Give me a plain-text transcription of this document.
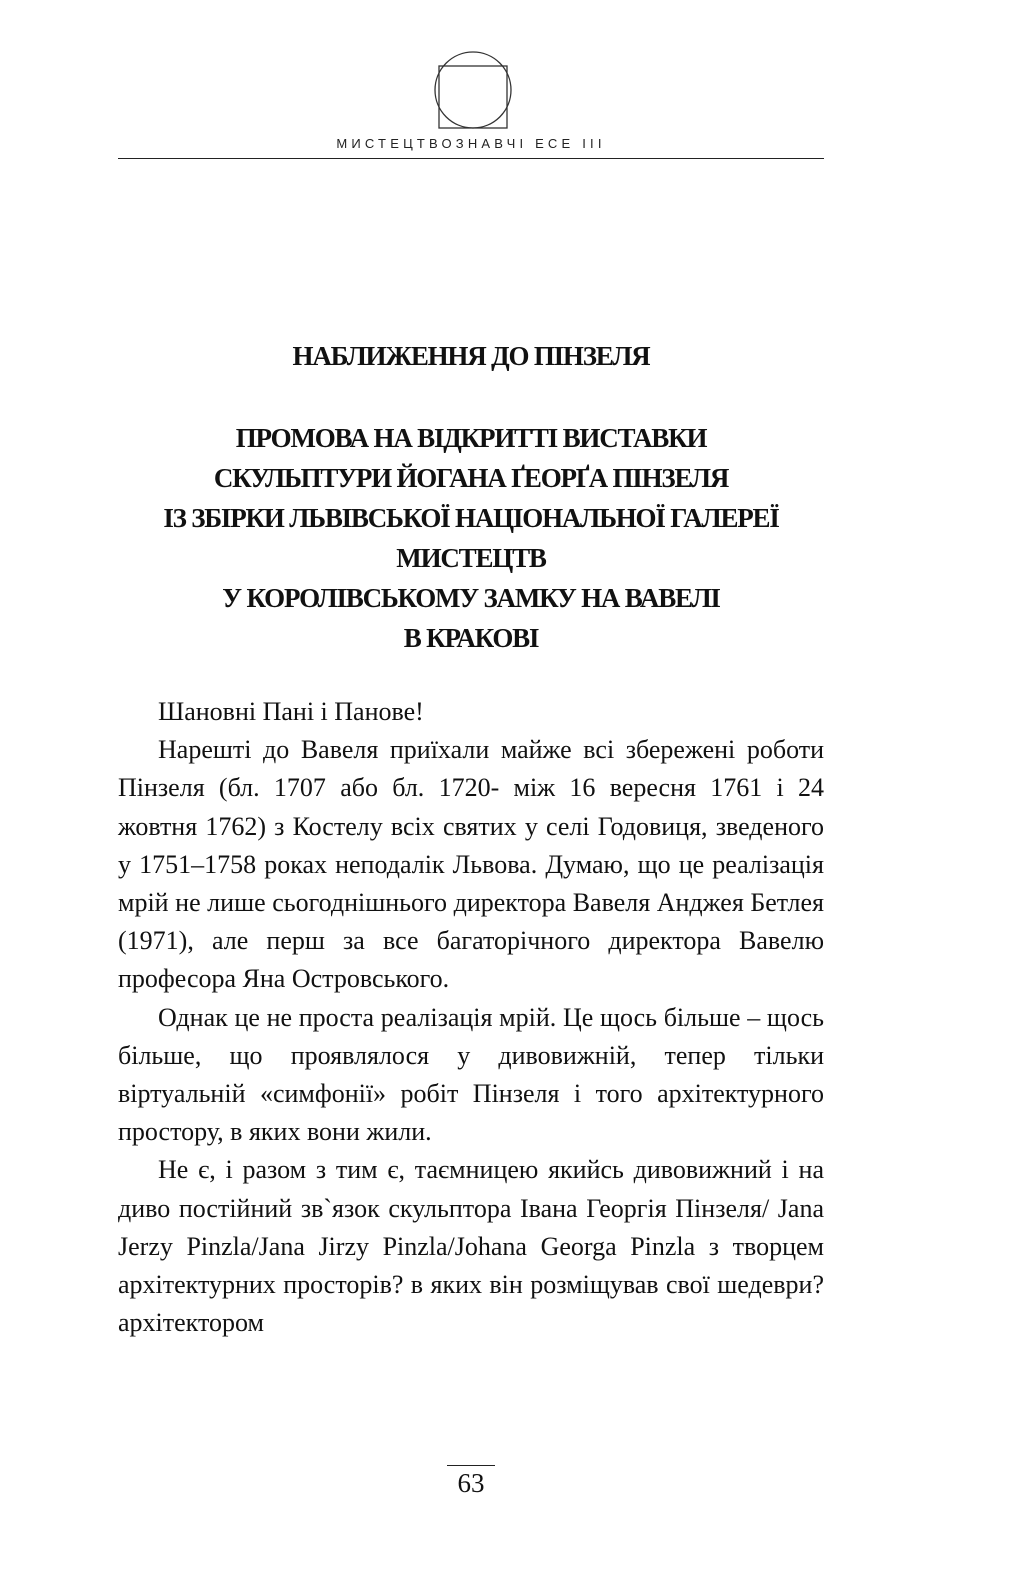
МИСТЕЦТВОЗНАВЧІ ЕСЕ ІІІ
НАБЛИЖЕННЯ ДО ПІНЗЕЛЯ
ПРОМОВА НА ВІДКРИТТІ ВИСТАВКИ
СКУЛЬПТУРИ ЙОГАНА ҐЕОРҐА ПІНЗЕЛЯ
ІЗ ЗБІРКИ ЛЬВІВСЬКОЇ НАЦІОНАЛЬНОЇ ГАЛЕРЕЇ
МИСТЕЦТВ
У КОРОЛІВСЬКОМУ ЗАМКУ НА ВАВЕЛІ
В КРАКОВІ

Шановні Пані і Панове!

Нарешті до Вавеля приїхали майже всі збережені роботи Пінзеля (бл. 1707 або бл. 1720- між 16 вересня 1761 і 24 жовтня 1762) з Костелу всіх святих у селі Годовиця, зведеного у 1751–1758 роках неподалік Львова. Думаю, що це реалізація мрій не лише сьогоднішнього директора Вавеля Анджея Бетлея (1971), але перш за все багаторічного директора Вавелю професора Яна Островського.

Однак це не проста реалізація мрій. Це щось більше – щось більше, що проявлялося у дивовижній, тепер тільки віртуальній «симфонії» робіт Пінзеля і того архітектурного простору, в яких вони жили.

Не є, і разом з тим є, таємницею якийсь дивовижний і на диво постійний зв`язок скульптора Івана Георгія Пінзеля/ Jana Jerzy Pinzla/Jana Jirzy Pinzla/Johana Georga Pinzla з творцем архітектурних просторів? в яких він розміщував свої шедеври? архітектором

63
